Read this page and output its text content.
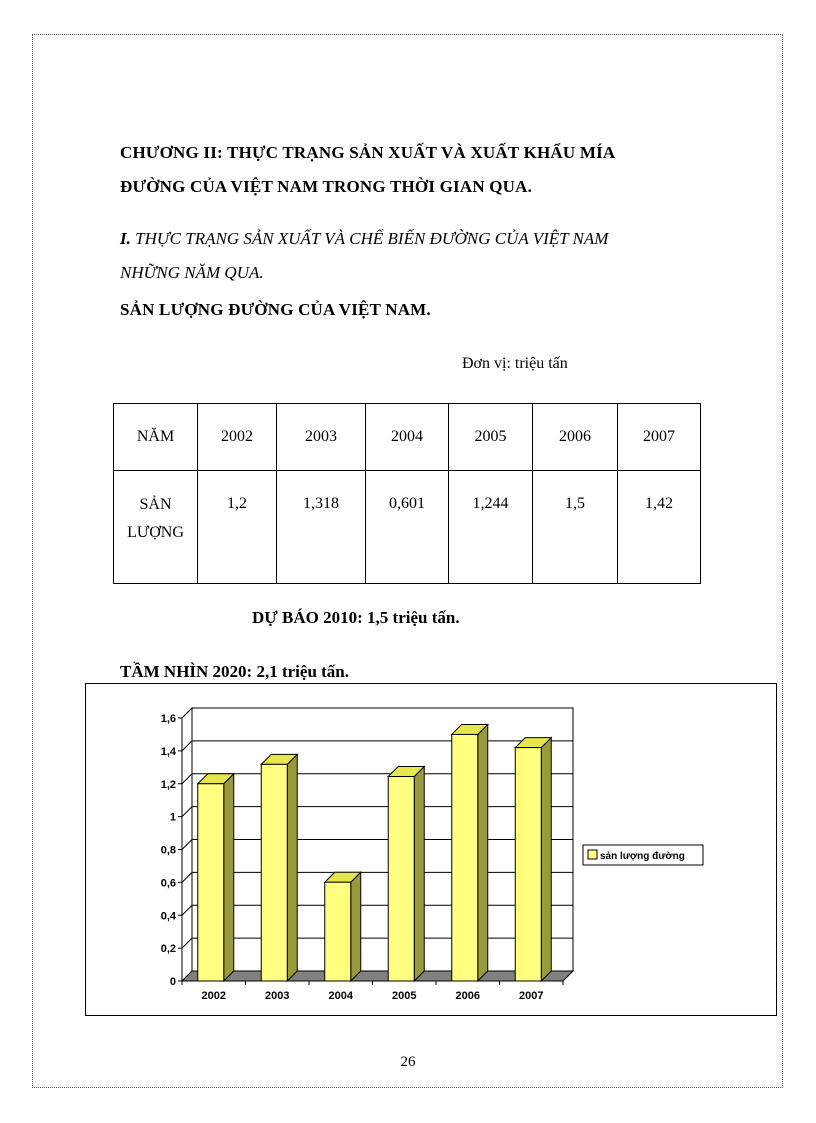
CHƯƠNG II: THỰC TRẠNG SẢN XUẤT VÀ XUẤT KHẨU MÍA
ĐƯỜNG CỦA VIỆT NAM TRONG THỜI GIAN QUA.
I. THỰC TRẠNG SẢN XUẤT VÀ CHẾ BIẾN ĐƯỜNG CỦA VIỆT NAM
NHỮNG NĂM QUA.
SẢN LƯỢNG ĐƯỜNG CỦA VIỆT NAM.
Đơn vị: triệu tấn
NĂM	2002	2003	2004	2005	2006	2007
SẢN
LƯỢNG	1,2	1,318	0,601	1,244	1,5	1,42
DỰ BÁO 2010: 1,5 triệu tấn.
TẦM NHÌN 2020: 2,1 triệu tấn.
0
0,2
0,4
0,6
0,8
1
1,2
1,4
1,6
2002	2003	2004	2005	2006	2007
sản lượng đường
26
